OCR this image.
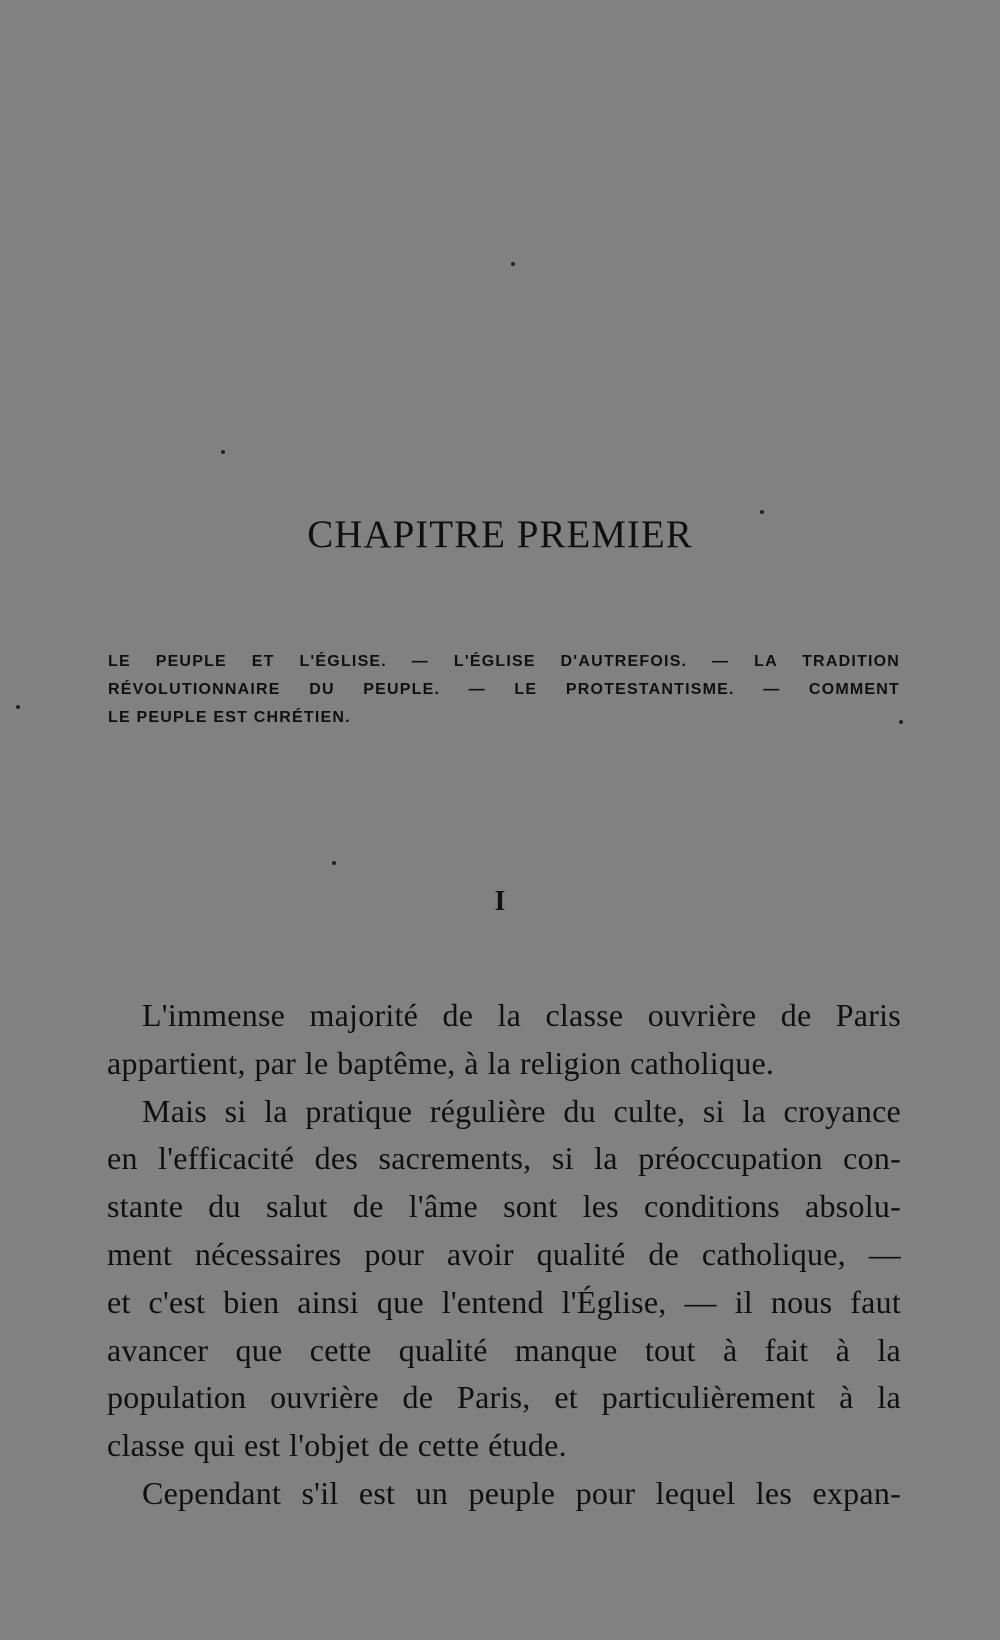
CHAPITRE PREMIER
LE PEUPLE ET L'ÉGLISE. — L'ÉGLISE D'AUTREFOIS. — LA TRADITION
RÉVOLUTIONNAIRE DU PEUPLE. — LE PROTESTANTISME. — COMMENT
LE PEUPLE EST CHRÉTIEN.
I
L'immense majorité de la classe ouvrière de Paris
appartient, par le baptême, à la religion catholique.
Mais si la pratique régulière du culte, si la croyance
en l'efficacité des sacrements, si la préoccupation con-
stante du salut de l'âme sont les conditions absolu-
ment nécessaires pour avoir qualité de catholique, —
et c'est bien ainsi que l'entend l'Église, — il nous faut
avancer que cette qualité manque tout à fait à la
population ouvrière de Paris, et particulièrement à la
classe qui est l'objet de cette étude.
Cependant s'il est un peuple pour lequel les expan-
